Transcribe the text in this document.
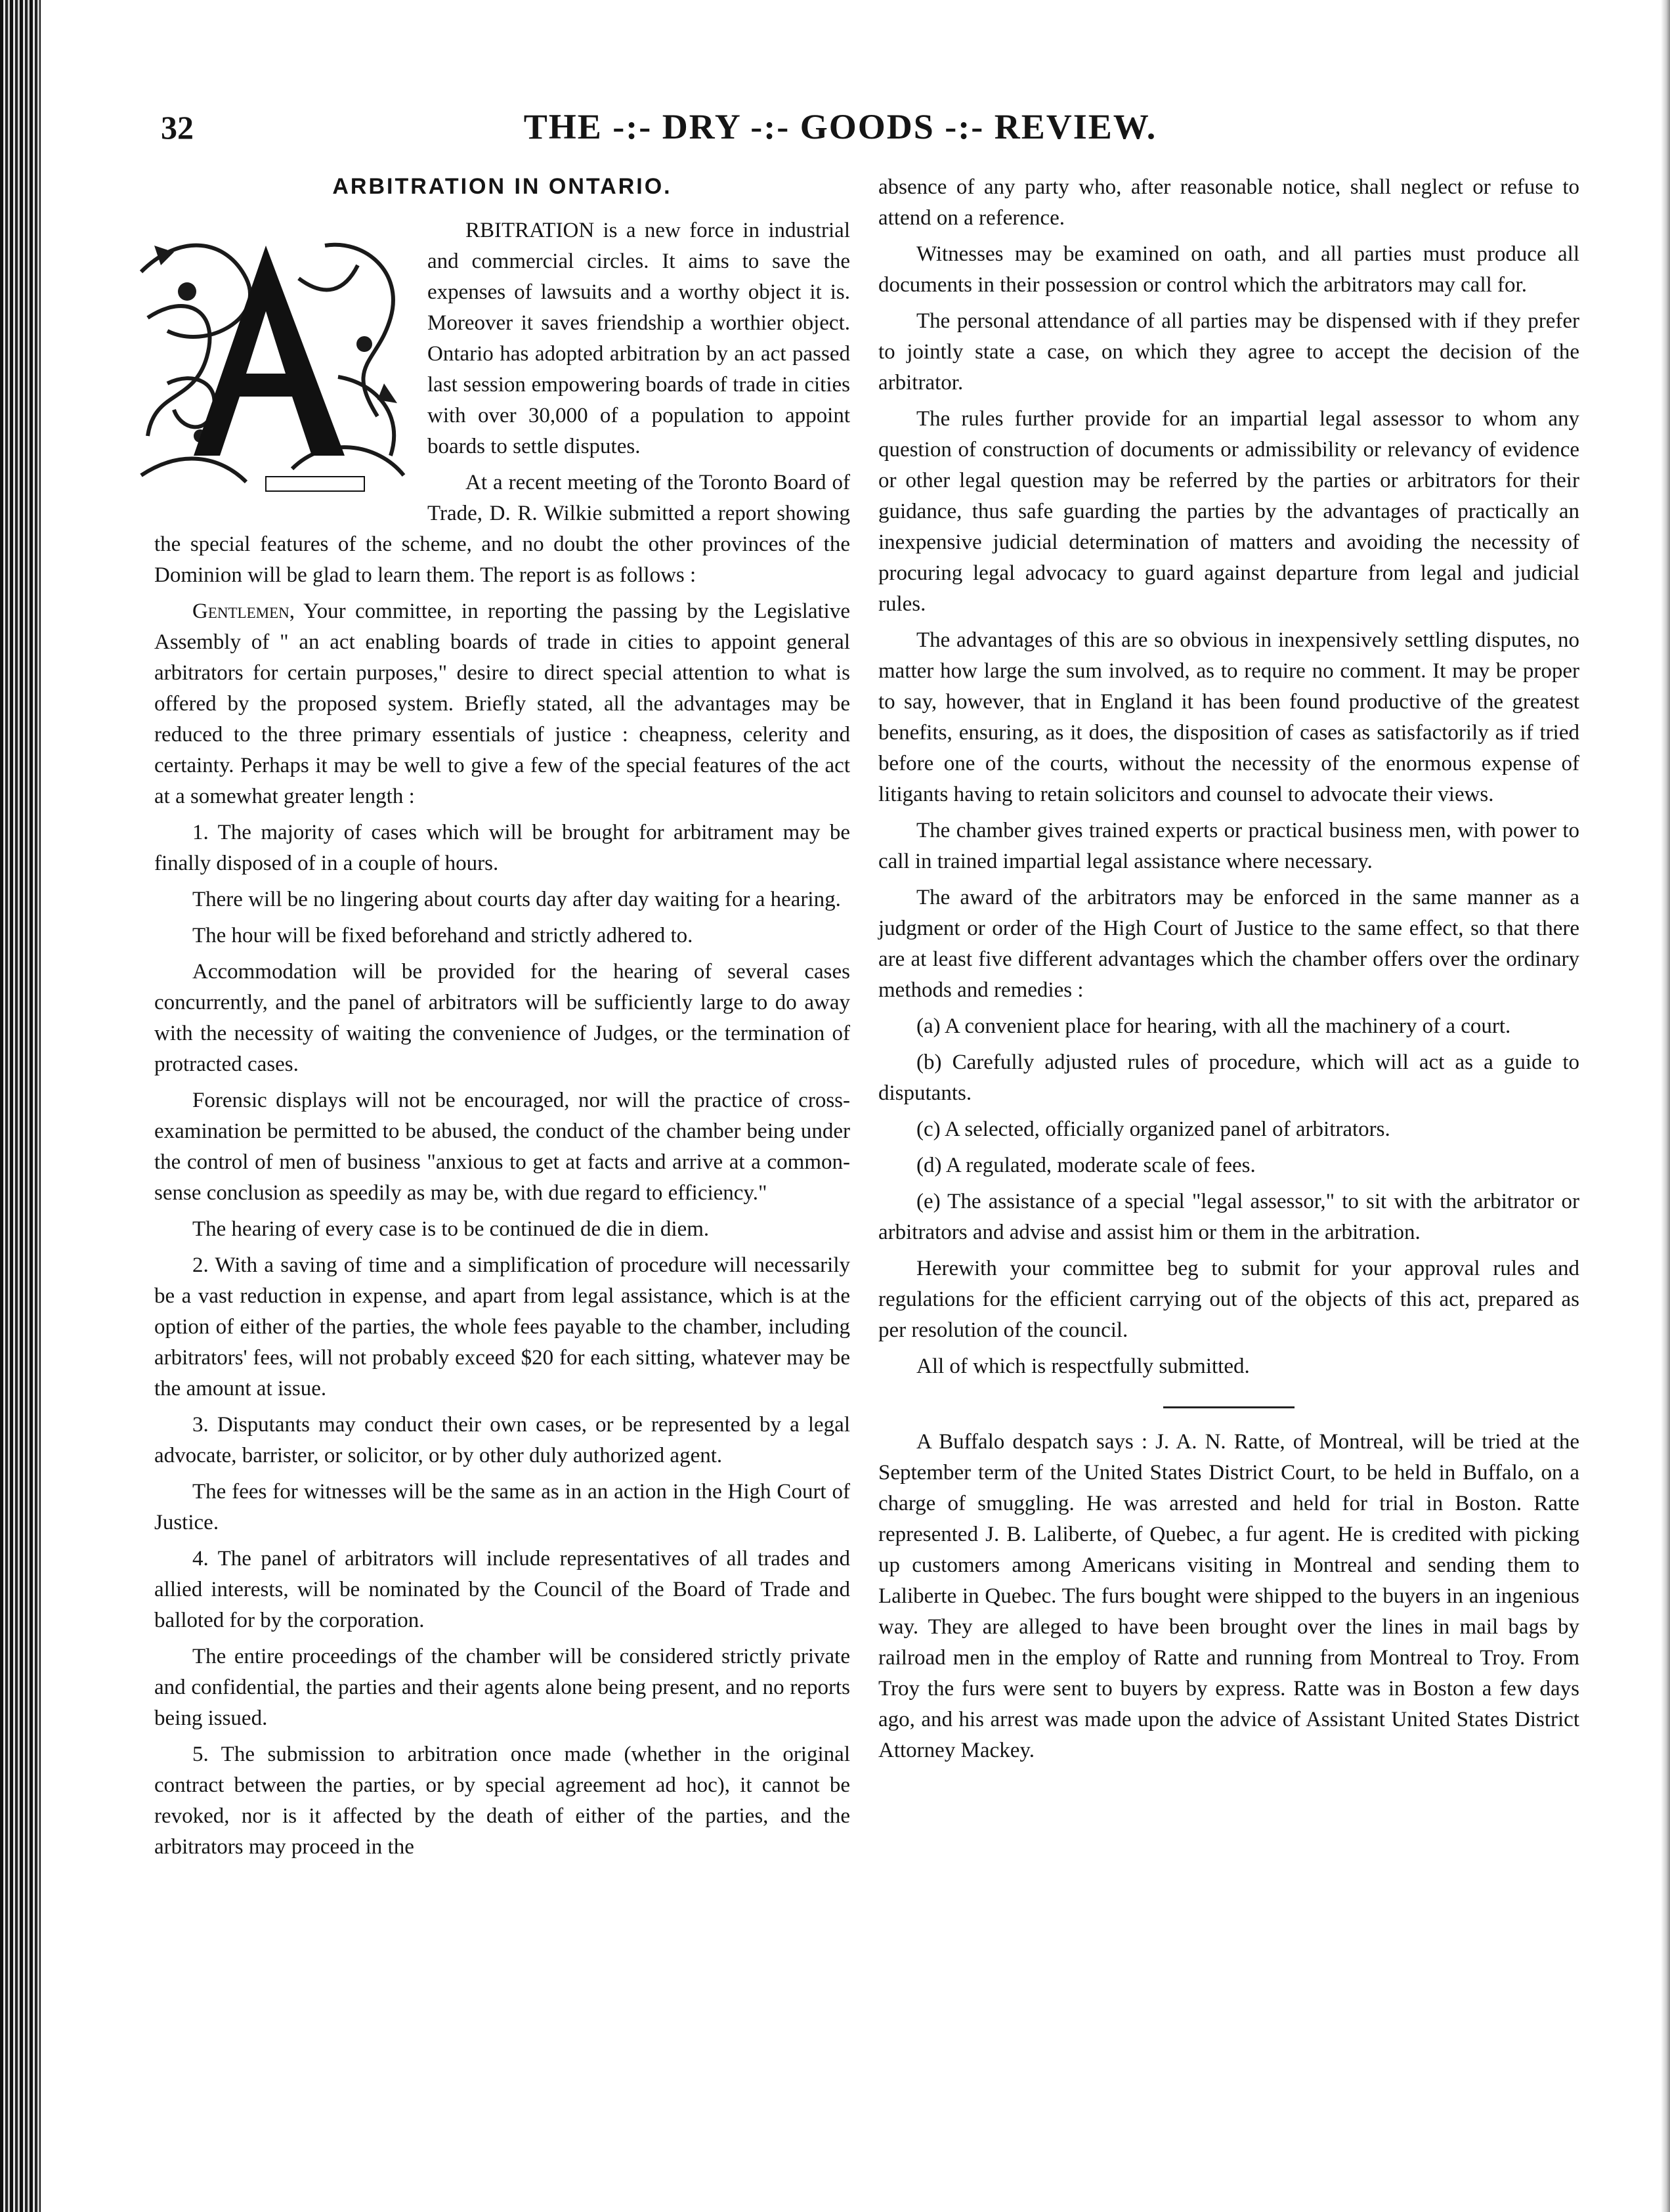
32	THE -:- DRY -:- GOODS -:- REVIEW.
ARBITRATION IN ONTARIO.

RBITRATION is a new force in industrial and commercial circles. It aims to save the expenses of lawsuits and a worthy object it is. Moreover it saves friendship a worthier object. Ontario has adopted arbitration by an act passed last session empowering boards of trade in cities with over 30,000 of a population to appoint boards to settle disputes.

At a recent meeting of the Toronto Board of Trade, D. R. Wilkie submitted a report showing the special features of the scheme, and no doubt the other provinces of the Dominion will be glad to learn them. The report is as follows :

Gentlemen, Your committee, in reporting the passing by the Legislative Assembly of " an act enabling boards of trade in cities to appoint general arbitrators for certain purposes," desire to direct special attention to what is offered by the proposed system. Briefly stated, all the advantages may be reduced to the three primary essentials of justice : cheapness, celerity and certainty. Perhaps it may be well to give a few of the special features of the act at a somewhat greater length :

1. The majority of cases which will be brought for arbitrament may be finally disposed of in a couple of hours.

There will be no lingering about courts day after day waiting for a hearing.

The hour will be fixed beforehand and strictly adhered to.

Accommodation will be provided for the hearing of several cases concurrently, and the panel of arbitrators will be sufficiently large to do away with the necessity of waiting the convenience of Judges, or the termination of protracted cases.

Forensic displays will not be encouraged, nor will the practice of cross-examination be permitted to be abused, the conduct of the chamber being under the control of men of business "anxious to get at facts and arrive at a common-sense conclusion as speedily as may be, with due regard to efficiency."

The hearing of every case is to be continued de die in diem.

2. With a saving of time and a simplification of procedure will necessarily be a vast reduction in expense, and apart from legal assistance, which is at the option of either of the parties, the whole fees payable to the chamber, including arbitrators' fees, will not probably exceed $20 for each sitting, whatever may be the amount at issue.

3. Disputants may conduct their own cases, or be represented by a legal advocate, barrister, or solicitor, or by other duly authorized agent.

The fees for witnesses will be the same as in an action in the High Court of Justice.

4. The panel of arbitrators will include representatives of all trades and allied interests, will be nominated by the Council of the Board of Trade and balloted for by the corporation.

The entire proceedings of the chamber will be considered strictly private and confidential, the parties and their agents alone being present, and no reports being issued.

5. The submission to arbitration once made (whether in the original contract between the parties, or by special agreement ad hoc), it cannot be revoked, nor is it affected by the death of either of the parties, and the arbitrators may proceed in the

absence of any party who, after reasonable notice, shall neglect or refuse to attend on a reference.

Witnesses may be examined on oath, and all parties must produce all documents in their possession or control which the arbitrators may call for.

The personal attendance of all parties may be dispensed with if they prefer to jointly state a case, on which they agree to accept the decision of the arbitrator.

The rules further provide for an impartial legal assessor to whom any question of construction of documents or admissibility or relevancy of evidence or other legal question may be referred by the parties or arbitrators for their guidance, thus safe guarding the parties by the advantages of practically an inexpensive judicial determination of matters and avoiding the necessity of procuring legal advocacy to guard against departure from legal and judicial rules.

The advantages of this are so obvious in inexpensively settling disputes, no matter how large the sum involved, as to require no comment. It may be proper to say, however, that in England it has been found productive of the greatest benefits, ensuring, as it does, the disposition of cases as satisfactorily as if tried before one of the courts, without the necessity of the enormous expense of litigants having to retain solicitors and counsel to advocate their views.

The chamber gives trained experts or practical business men, with power to call in trained impartial legal assistance where necessary.

The award of the arbitrators may be enforced in the same manner as a judgment or order of the High Court of Justice to the same effect, so that there are at least five different advantages which the chamber offers over the ordinary methods and remedies :

(a) A convenient place for hearing, with all the machinery of a court.

(b) Carefully adjusted rules of procedure, which will act as a guide to disputants.

(c) A selected, officially organized panel of arbitrators.

(d) A regulated, moderate scale of fees.

(e) The assistance of a special "legal assessor," to sit with the arbitrator or arbitrators and advise and assist him or them in the arbitration.

Herewith your committee beg to submit for your approval rules and regulations for the efficient carrying out of the objects of this act, prepared as per resolution of the council.

All of which is respectfully submitted.

A Buffalo despatch says : J. A. N. Ratte, of Montreal, will be tried at the September term of the United States District Court, to be held in Buffalo, on a charge of smuggling. He was arrested and held for trial in Boston. Ratte represented J. B. Laliberte, of Quebec, a fur agent. He is credited with picking up customers among Americans visiting in Montreal and sending them to Laliberte in Quebec. The furs bought were shipped to the buyers in an ingenious way. They are alleged to have been brought over the lines in mail bags by railroad men in the employ of Ratte and running from Montreal to Troy. From Troy the furs were sent to buyers by express. Ratte was in Boston a few days ago, and his arrest was made upon the advice of Assistant United States District Attorney Mackey.
